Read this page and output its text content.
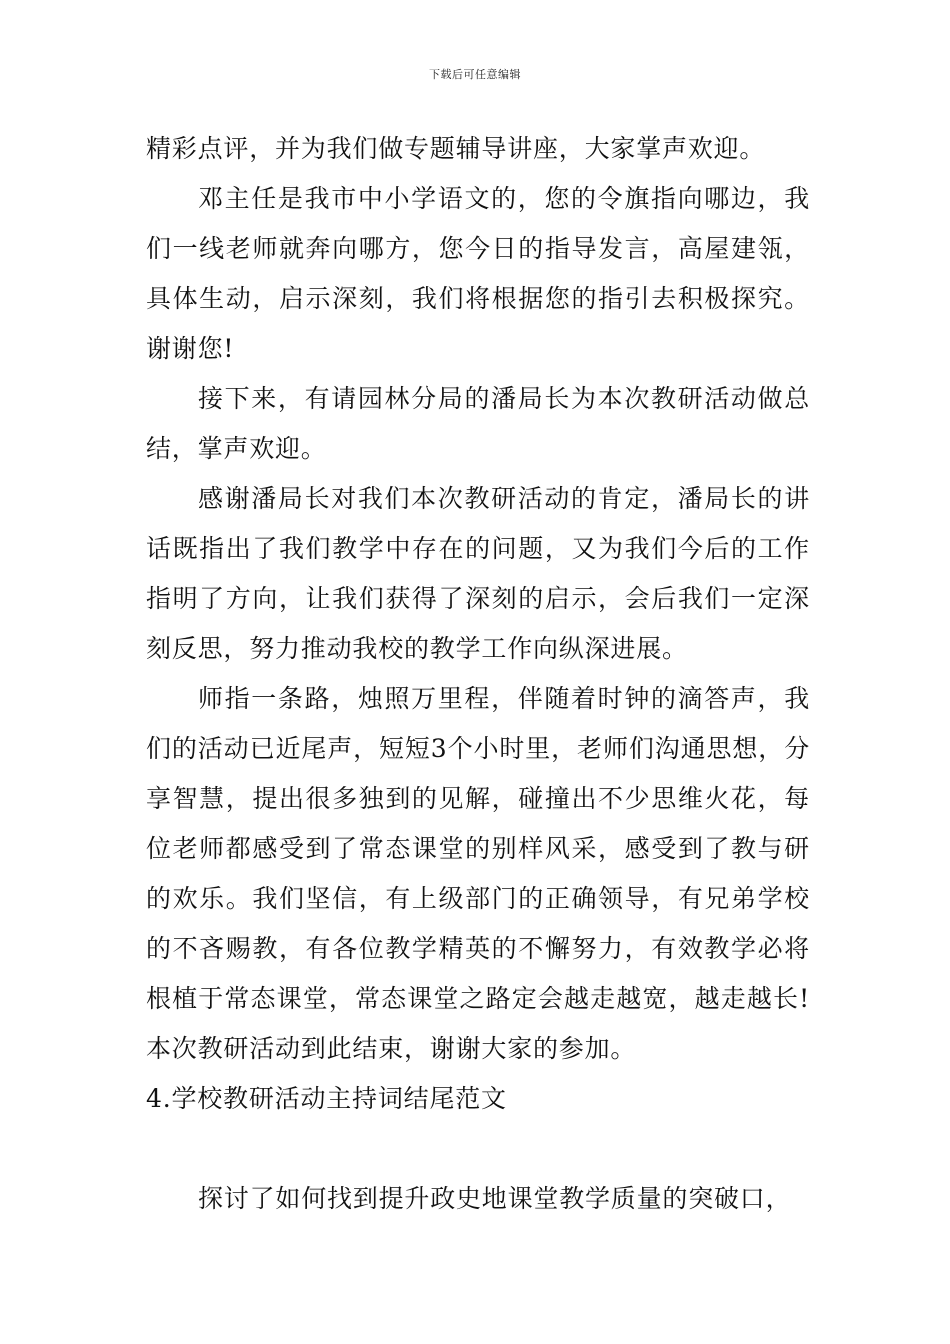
下载后可任意编辑

精彩点评，并为我们做专题辅导讲座，大家掌声欢迎。

邓主任是我市中小学语文的，您的令旗指向哪边，我们一线老师就奔向哪方，您今日的指导发言，高屋建瓴，具体生动，启示深刻，我们将根据您的指引去积极探究。谢谢您!

接下来，有请园林分局的潘局长为本次教研活动做总结，掌声欢迎。

感谢潘局长对我们本次教研活动的肯定，潘局长的讲话既指出了我们教学中存在的问题，又为我们今后的工作指明了方向，让我们获得了深刻的启示，会后我们一定深刻反思，努力推动我校的教学工作向纵深进展。

师指一条路，烛照万里程，伴随着时钟的滴答声，我们的活动已近尾声，短短3个小时里，老师们沟通思想，分享智慧，提出很多独到的见解，碰撞出不少思维火花，每位老师都感受到了常态课堂的别样风采，感受到了教与研的欢乐。我们坚信，有上级部门的正确领导，有兄弟学校的不吝赐教，有各位教学精英的不懈努力，有效教学必将根植于常态课堂，常态课堂之路定会越走越宽，越走越长!本次教研活动到此结束，谢谢大家的参加。

4.学校教研活动主持词结尾范文

探讨了如何找到提升政史地课堂教学质量的突破口，
